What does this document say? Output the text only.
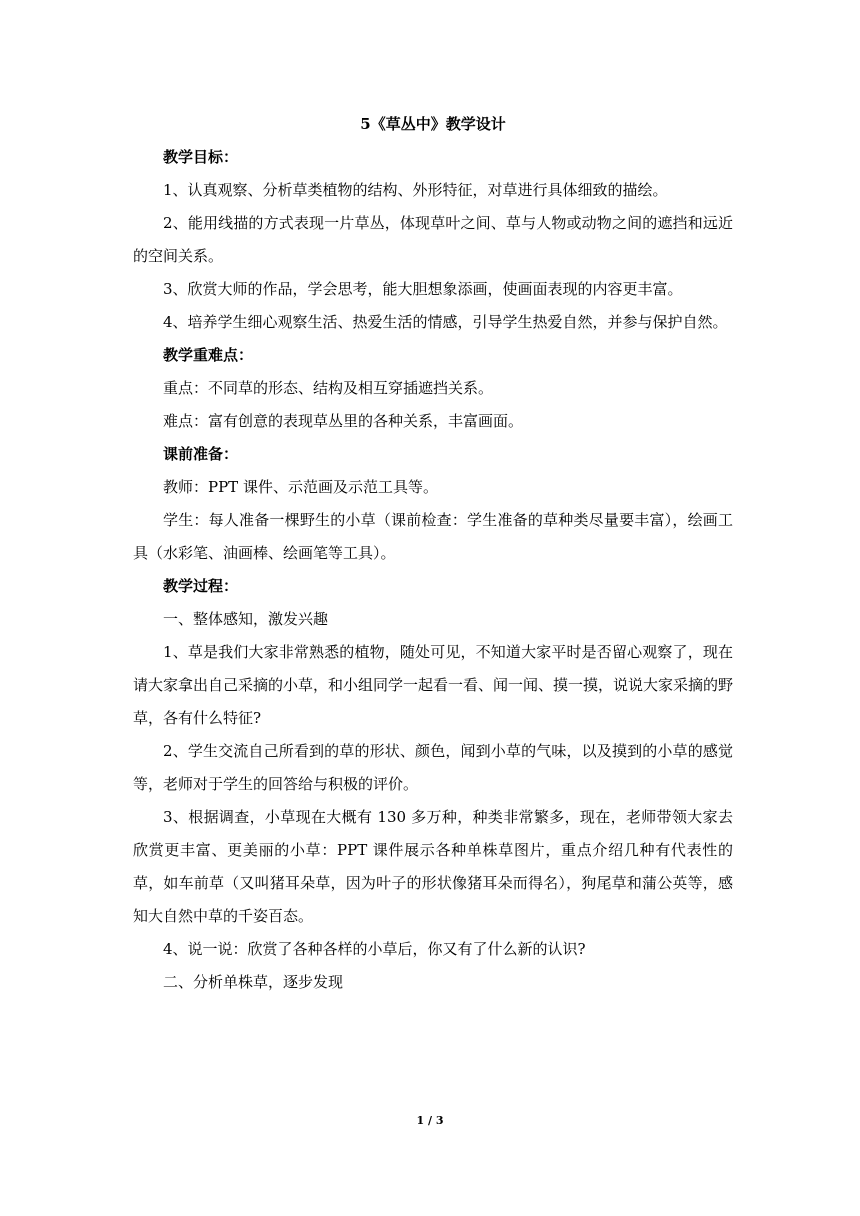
5《草丛中》教学设计

教学目标：

1、认真观察、分析草类植物的结构、外形特征，对草进行具体细致的描绘。

2、能用线描的方式表现一片草丛，体现草叶之间、草与人物或动物之间的遮挡和远近的空间关系。

3、欣赏大师的作品，学会思考，能大胆想象添画，使画面表现的内容更丰富。

4、培养学生细心观察生活、热爱生活的情感，引导学生热爱自然，并参与保护自然。

教学重难点：

重点：不同草的形态、结构及相互穿插遮挡关系。

难点：富有创意的表现草丛里的各种关系，丰富画面。

课前准备：

教师：PPT 课件、示范画及示范工具等。

学生：每人准备一棵野生的小草（课前检查：学生准备的草种类尽量要丰富），绘画工具（水彩笔、油画棒、绘画笔等工具）。

教学过程：

一、整体感知，激发兴趣

1、草是我们大家非常熟悉的植物，随处可见，不知道大家平时是否留心观察了，现在请大家拿出自己采摘的小草，和小组同学一起看一看、闻一闻、摸一摸，说说大家采摘的野草，各有什么特征?

2、学生交流自己所看到的草的形状、颜色，闻到小草的气味，以及摸到的小草的感觉等，老师对于学生的回答给与积极的评价。

3、根据调查，小草现在大概有 130 多万种，种类非常繁多，现在，老师带领大家去欣赏更丰富、更美丽的小草：PPT 课件展示各种单株草图片，重点介绍几种有代表性的草，如车前草（又叫猪耳朵草，因为叶子的形状像猪耳朵而得名），狗尾草和蒲公英等，感知大自然中草的千姿百态。

4、说一说：欣赏了各种各样的小草后，你又有了什么新的认识?

二、分析单株草，逐步发现

1 / 3
